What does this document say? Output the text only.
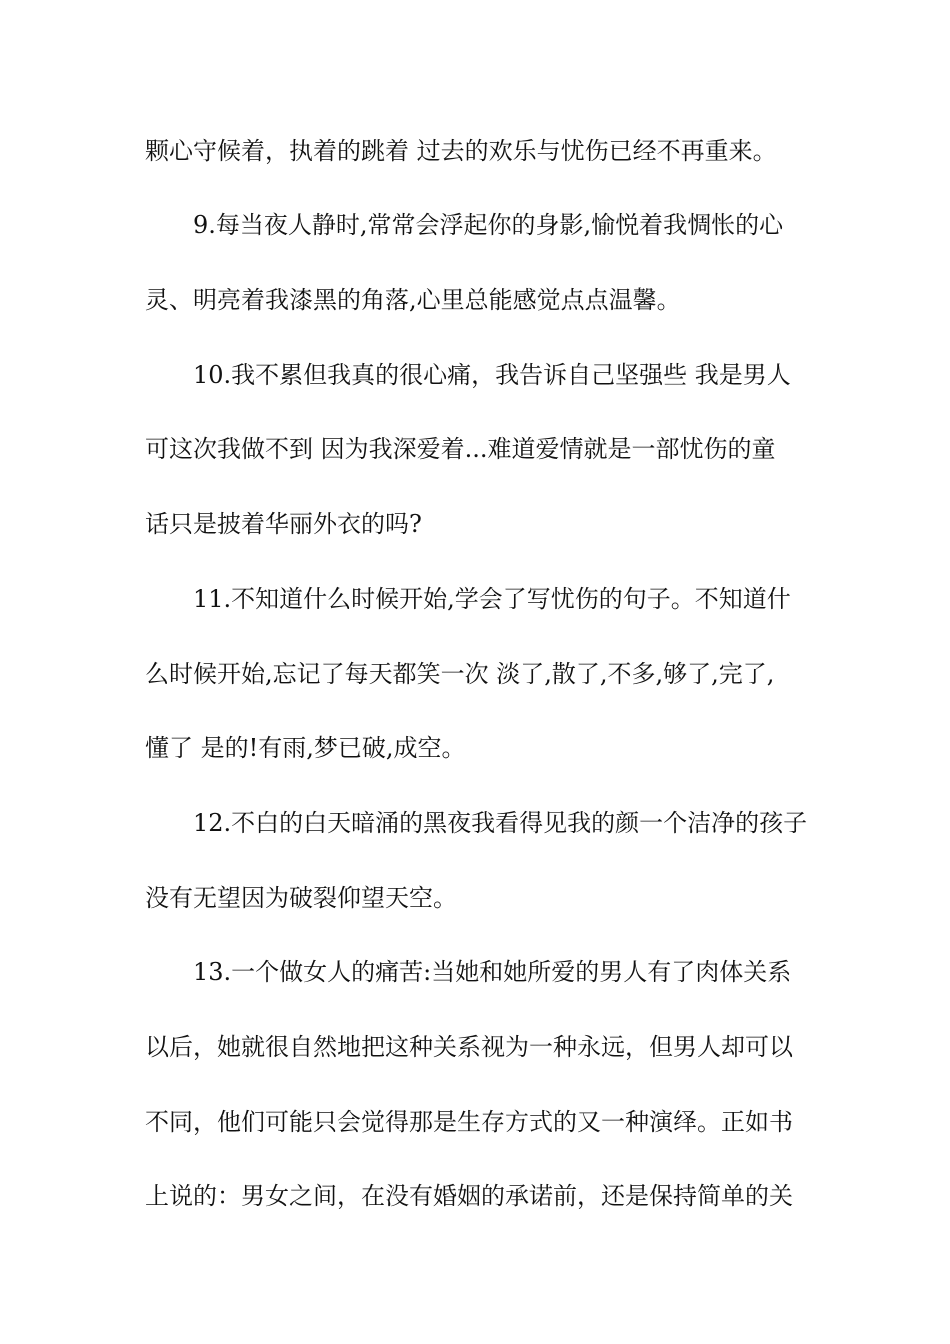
颗心守候着，执着的跳着 过去的欢乐与忧伤已经不再重来。
9.每当夜人静时,常常会浮起你的身影,愉悦着我惆怅的心
灵、明亮着我漆黑的角落,心里总能感觉点点温馨。
10.我不累但我真的很心痛，我告诉自己坚强些 我是男人
可这次我做不到 因为我深爱着...难道爱情就是一部忧伤的童
话只是披着华丽外衣的吗?
11.不知道什么时候开始,学会了写忧伤的句子。不知道什
么时候开始,忘记了每天都笑一次 淡了,散了,不多,够了,完了,
懂了 是的!有雨,梦已破,成空。
12.不白的白天暗涌的黑夜我看得见我的颜一个洁净的孩子
没有无望因为破裂仰望天空。
13.一个做女人的痛苦:当她和她所爱的男人有了肉体关系
以后，她就很自然地把这种关系视为一种永远，但男人却可以
不同，他们可能只会觉得那是生存方式的又一种演绎。正如书
上说的：男女之间，在没有婚姻的承诺前，还是保持简单的关
